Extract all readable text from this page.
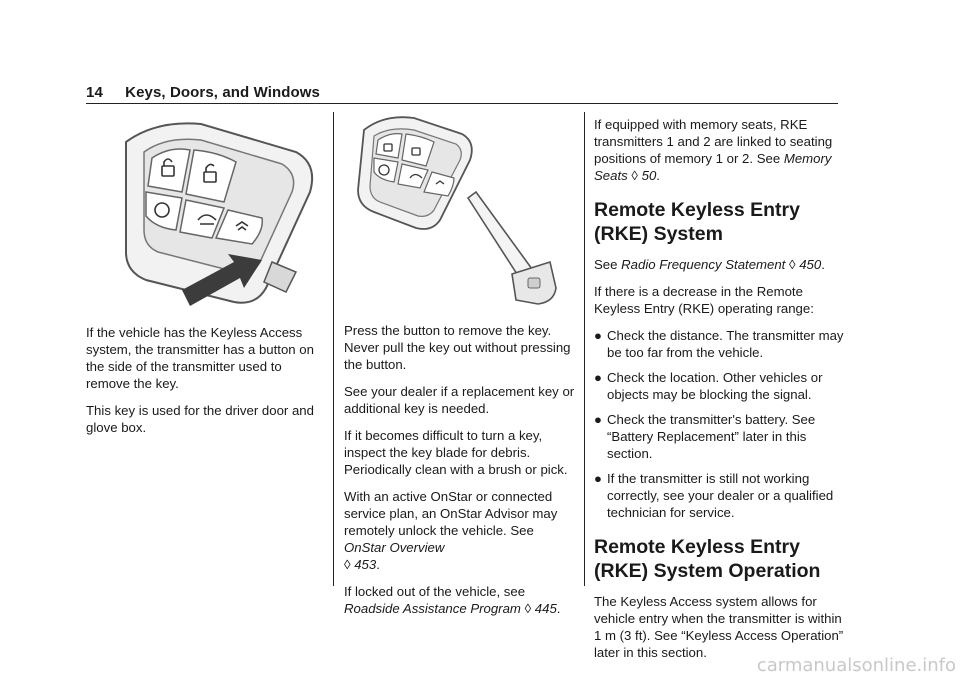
14 Keys, Doors, and Windows

If the vehicle has the Keyless Access system, the transmitter has a button on the side of the transmitter used to remove the key.

This key is used for the driver door and glove box.

Press the button to remove the key. Never pull the key out without pressing the button.

See your dealer if a replacement key or additional key is needed.

If it becomes difficult to turn a key, inspect the key blade for debris. Periodically clean with a brush or pick.

With an active OnStar or connected service plan, an OnStar Advisor may remotely unlock the vehicle. See OnStar Overview
◊ 453.

If locked out of the vehicle, see Roadside Assistance Program ◊ 445.

If equipped with memory seats, RKE transmitters 1 and 2 are linked to seating positions of memory 1 or 2. See Memory Seats ◊ 50.

Remote Keyless Entry (RKE) System

See Radio Frequency Statement ◊ 450.

If there is a decrease in the Remote Keyless Entry (RKE) operating range:

● Check the distance. The transmitter may be too far from the vehicle.
● Check the location. Other vehicles or objects may be blocking the signal.
● Check the transmitter's battery. See “Battery Replacement” later in this section.
● If the transmitter is still not working correctly, see your dealer or a qualified technician for service.
Remote Keyless Entry (RKE) System Operation

The Keyless Access system allows for vehicle entry when the transmitter is within 1 m (3 ft). See “Keyless Access Operation” later in this section.

carmanualsonline.info
